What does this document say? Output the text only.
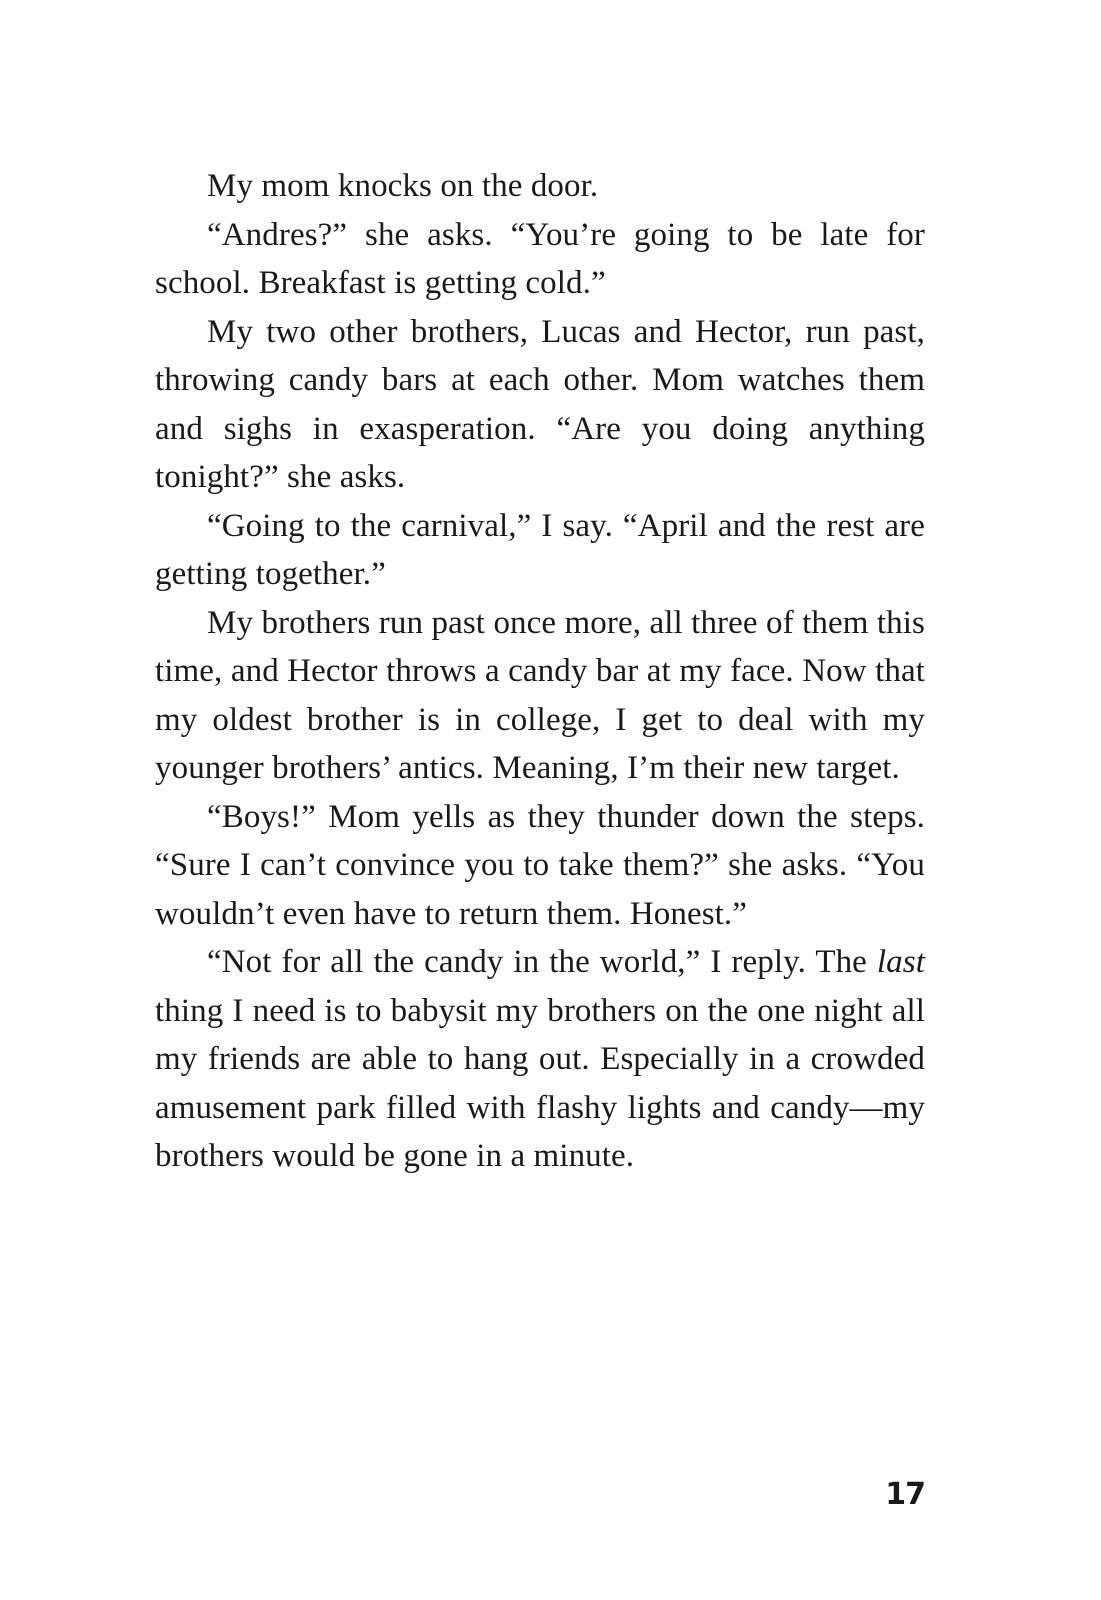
My mom knocks on the door.

“Andres?” she asks. “You’re going to be late for school. Breakfast is getting cold.”

My two other brothers, Lucas and Hector, run past, throwing candy bars at each other. Mom watches them and sighs in exasperation. “Are you doing anything tonight?” she asks.

“Going to the carnival,” I say. “April and the rest are getting together.”

My brothers run past once more, all three of them this time, and Hector throws a candy bar at my face. Now that my oldest brother is in college, I get to deal with my younger brothers’ antics. Meaning, I’m their new target.

“Boys!” Mom yells as they thunder down the steps. “Sure I can’t convince you to take them?” she asks. “You wouldn’t even have to return them. Honest.”

“Not for all the candy in the world,” I reply. The last thing I need is to babysit my brothers on the one night all my friends are able to hang out. Especially in a crowded amusement park filled with flashy lights and candy—my brothers would be gone in a minute.

17
